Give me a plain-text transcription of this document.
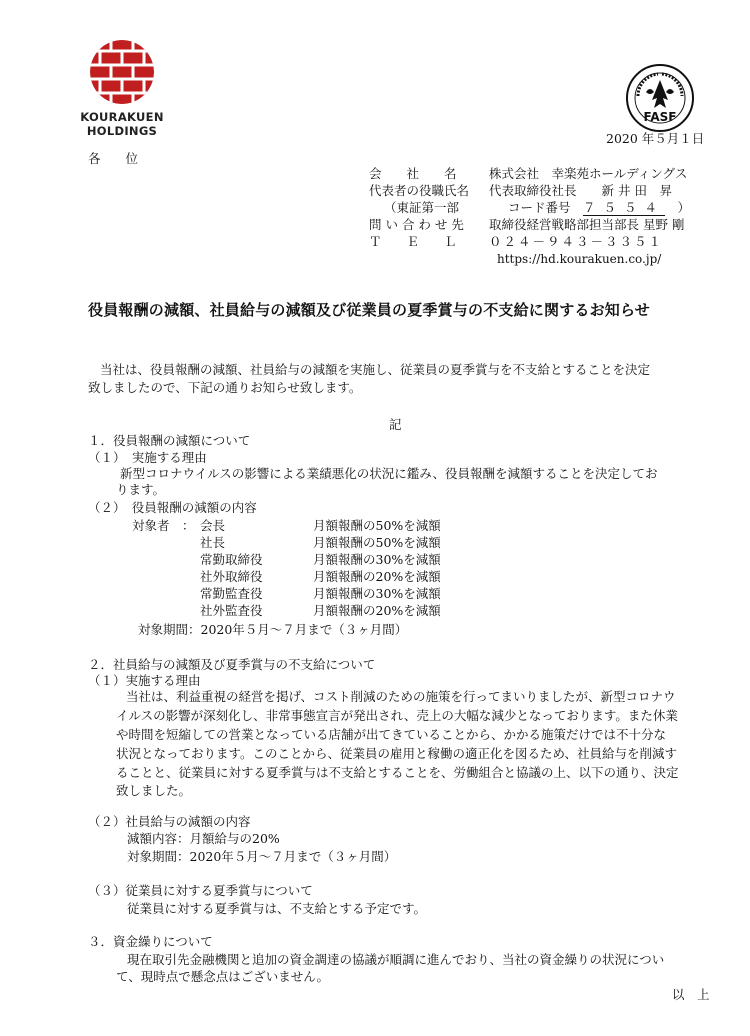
KOURAKUEN
HOLDINGS
FASF
2020 年５月１日
各　　位
会　　社　　名	株式会社　幸楽苑ホールディングス
代表者の役職氏名 代表取締役社長　　新 井 田　昇
（東証第一部	コード番号　７５５４　）
問 い 合 わ せ 先 取締役経営戦略部担当部長 星野 剛
Ｔ　　Ｅ　　Ｌ	０２４－９４３－３３５１
https://hd.kourakuen.co.jp/
役員報酬の減額、社員給与の減額及び従業員の夏季賞与の不支給に関するお知らせ
当社は、役員報酬の減額、社員給与の減額を実施し、従業員の夏季賞与を不支給とすることを決定
致しましたので、下記の通りお知らせ致します。
記
１．役員報酬の減額について
（１）　実施する理由
新型コロナウイルスの影響による業績悪化の状況に鑑み、役員報酬を減額することを決定してお
ります。
（２）　役員報酬の減額の内容
対象者　： 会長	月額報酬の50%を減額
社長	月額報酬の50%を減額
常勤取締役	月額報酬の30%を減額
社外取締役	月額報酬の20%を減額
常勤監査役	月額報酬の30%を減額
社外監査役	月額報酬の20%を減額
対象期間：2020年５月～７月まで（３ヶ月間）
２．社員給与の減額及び夏季賞与の不支給について
（１）実施する理由
当社は、利益重視の経営を掲げ、コスト削減のための施策を行ってまいりましたが、新型コロナウ
イルスの影響が深刻化し、非常事態宣言が発出され、売上の大幅な減少となっております。また休業
や時間を短縮しての営業となっている店舗が出てきていることから、かかる施策だけでは不十分な
状況となっております。このことから、従業員の雇用と稼働の適正化を図るため、社員給与を削減す
ることと、従業員に対する夏季賞与は不支給とすることを、労働組合と協議の上、以下の通り、決定
致しました。
（２）社員給与の減額の内容
減額内容：月額給与の20%
対象期間：2020年５月～７月まで（３ヶ月間）
（３）従業員に対する夏季賞与について
従業員に対する夏季賞与は、不支給とする予定です。
３．資金繰りについて
現在取引先金融機関と追加の資金調達の協議が順調に進んでおり、当社の資金繰りの状況につい
て、現時点で懸念点はございません。
以　上
